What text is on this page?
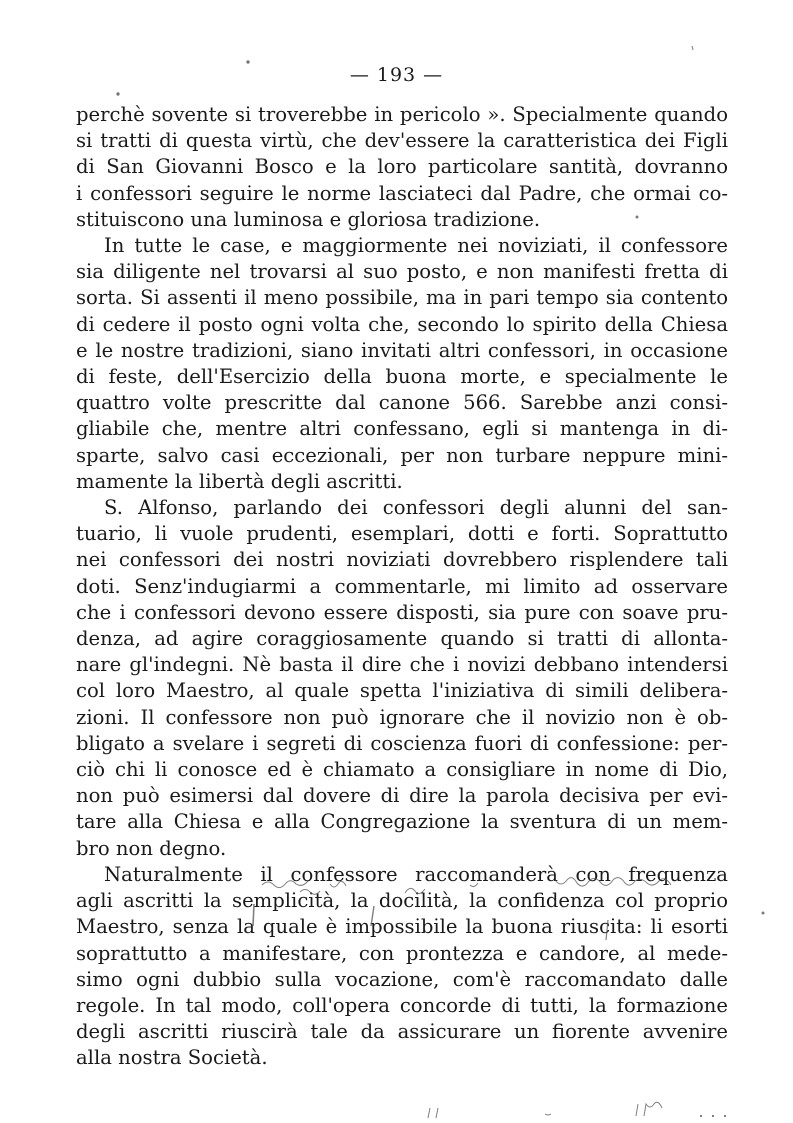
— 193 —

perchè sovente si troverebbe in pericolo ». Specialmente quando

si tratti di questa virtù, che dev'essere la caratteristica dei Figli

di San Giovanni Bosco e la loro particolare santità, dovranno

i confessori seguire le norme lasciateci dal Padre, che ormai co-

stituiscono una luminosa e gloriosa tradizione.

In tutte le case, e maggiormente nei noviziati, il confessore

sia diligente nel trovarsi al suo posto, e non manifesti fretta di

sorta. Si assenti il meno possibile, ma in pari tempo sia contento

di cedere il posto ogni volta che, secondo lo spirito della Chiesa

e le nostre tradizioni, siano invitati altri confessori, in occasione

di feste, dell'Esercizio della buona morte, e specialmente le

quattro volte prescritte dal canone 566. Sarebbe anzi consi-

gliabile che, mentre altri confessano, egli si mantenga in di-

sparte, salvo casi eccezionali, per non turbare neppure mini-

mamente la libertà degli ascritti.

S. Alfonso, parlando dei confessori degli alunni del san-

tuario, li vuole prudenti, esemplari, dotti e forti. Soprattutto

nei confessori dei nostri noviziati dovrebbero risplendere tali

doti. Senz'indugiarmi a commentarle, mi limito ad osservare

che i confessori devono essere disposti, sia pure con soave pru-

denza, ad agire coraggiosamente quando si tratti di allonta-

nare gl'indegni. Nè basta il dire che i novizi debbano intendersi

col loro Maestro, al quale spetta l'iniziativa di simili delibera-

zioni. Il confessore non può ignorare che il novizio non è ob-

bligato a svelare i segreti di coscienza fuori di confessione: per-

ciò chi li conosce ed è chiamato a consigliare in nome di Dio,

non può esimersi dal dovere di dire la parola decisiva per evi-

tare alla Chiesa e alla Congregazione la sventura di un mem-

bro non degno.

Naturalmente il confessore raccomanderà con frequenza

agli ascritti la semplicità, la docilità, la confidenza col proprio

Maestro, senza la quale è impossibile la buona riuscita: li esorti

soprattutto a manifestare, con prontezza e candore, al mede-

simo ogni dubbio sulla vocazione, com'è raccomandato dalle

regole. In tal modo, coll'opera concorde di tutti, la formazione

degli ascritti riuscirà tale da assicurare un fiorente avvenire

alla nostra Società.
